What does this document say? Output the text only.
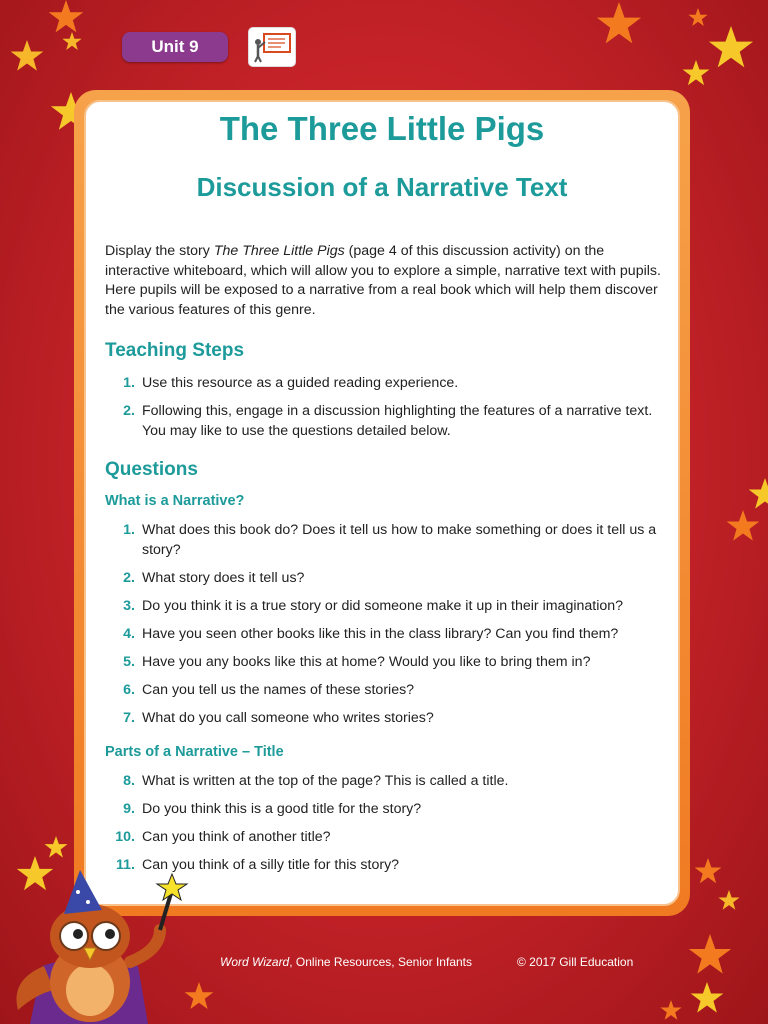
Unit 9
The Three Little Pigs
Discussion of a Narrative Text

Display the story The Three Little Pigs (page 4 of this discussion activity) on the interactive whiteboard, which will allow you to explore a simple, narrative text with pupils. Here pupils will be exposed to a narrative from a real book which will help them discover the various features of this genre.

Teaching Steps
1. Use this resource as a guided reading experience.
2. Following this, engage in a discussion highlighting the features of a narrative text. You may like to use the questions detailed below.
Questions
What is a Narrative?
1. What does this book do? Does it tell us how to make something or does it tell us a story?
2. What story does it tell us?
3. Do you think it is a true story or did someone make it up in their imagination?
4. Have you seen other books like this in the class library? Can you find them?
5. Have you any books like this at home? Would you like to bring them in?
6. Can you tell us the names of these stories?
7. What do you call someone who writes stories?
Parts of a Narrative – Title
8. What is written at the top of the page? This is called a title.
9. Do you think this is a good title for the story?
10. Can you think of another title?
11. Can you think of a silly title for this story?
Word Wizard, Online Resources, Senior Infants	© 2017 Gill Education
